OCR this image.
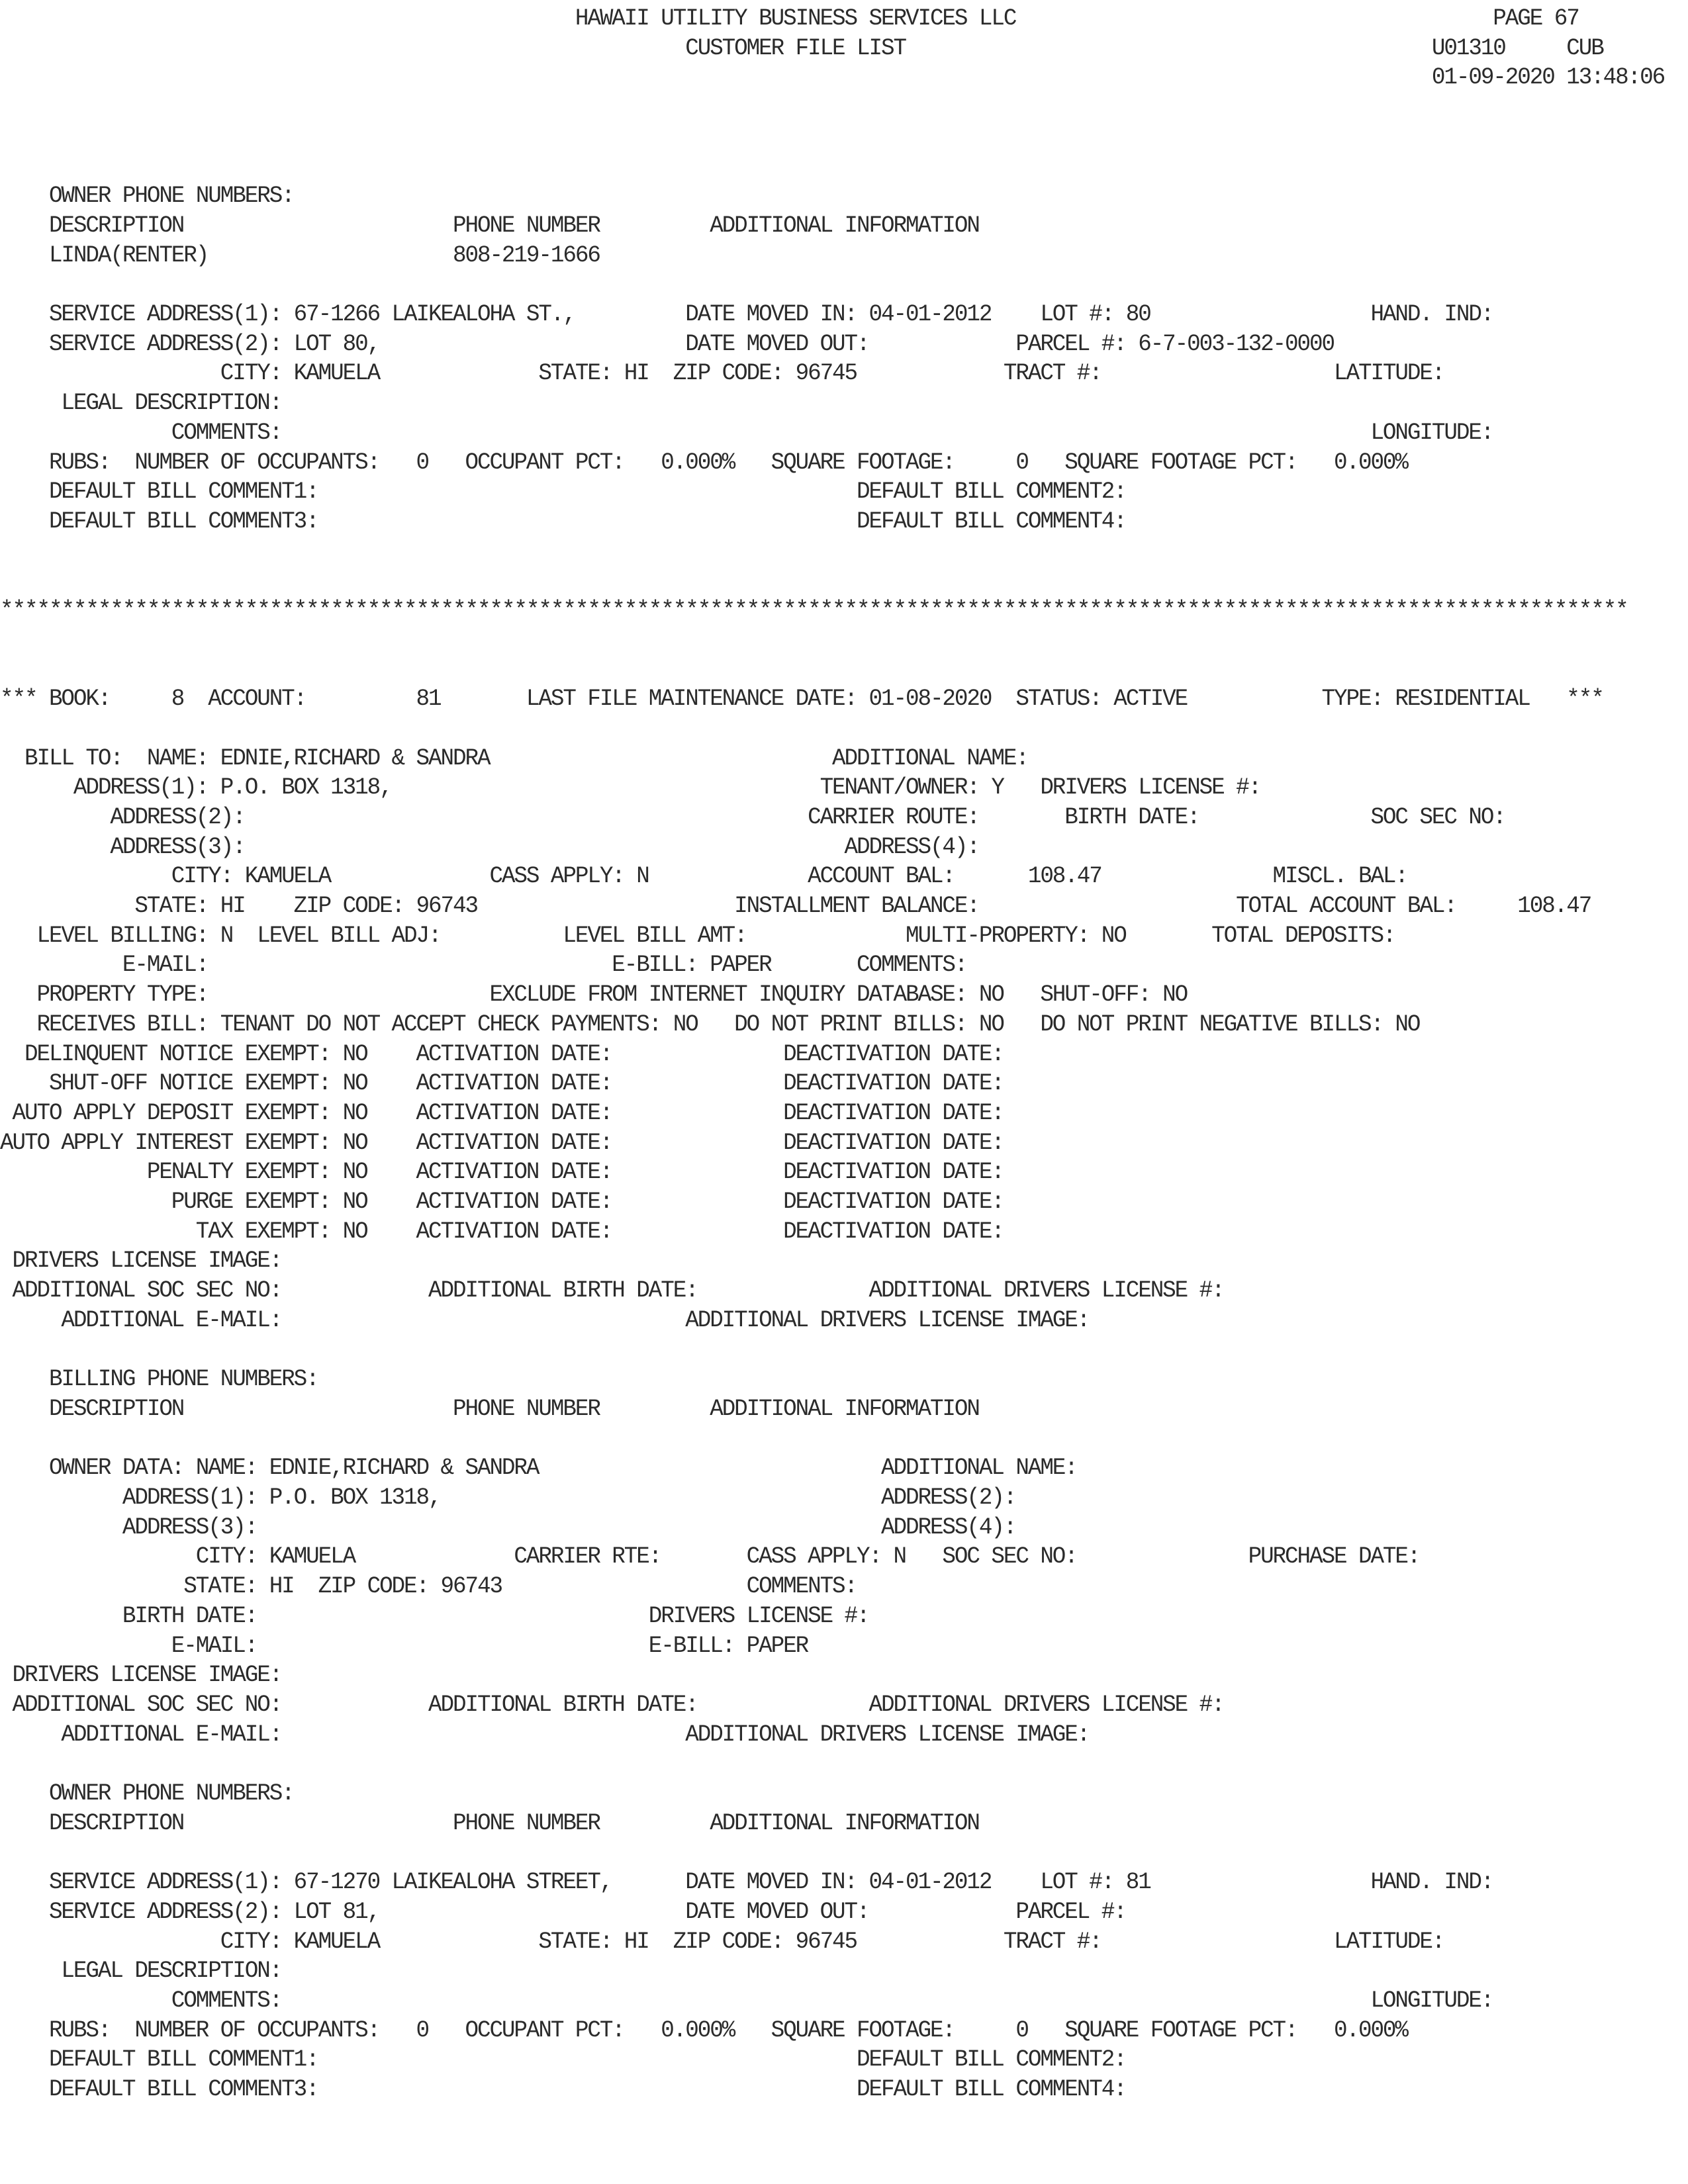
HAWAII UTILITY BUSINESS SERVICES LLC                                       PAGE 67
CUSTOMER FILE LIST                                           U01310     CUB
01-09-2020 13:48:06
OWNER PHONE NUMBERS:
DESCRIPTION                      PHONE NUMBER         ADDITIONAL INFORMATION
LINDA(RENTER)                    808-219-1666
SERVICE ADDRESS(1): 67-1266 LAIKEALOHA ST.,         DATE MOVED IN: 04-01-2012    LOT #: 80                  HAND. IND:
SERVICE ADDRESS(2): LOT 80,                         DATE MOVED OUT:            PARCEL #: 6-7-003-132-0000
CITY: KAMUELA             STATE: HI  ZIP CODE: 96745            TRACT #:                   LATITUDE:
LEGAL DESCRIPTION:
COMMENTS:                                                                                         LONGITUDE:
RUBS:  NUMBER OF OCCUPANTS:   0   OCCUPANT PCT:   0.000%   SQUARE FOOTAGE:     0   SQUARE FOOTAGE PCT:   0.000%
DEFAULT BILL COMMENT1:                                            DEFAULT BILL COMMENT2:
DEFAULT BILL COMMENT3:                                            DEFAULT BILL COMMENT4:
*************************************************************************************************************************************
*** BOOK:     8  ACCOUNT:         81       LAST FILE MAINTENANCE DATE: 01-08-2020  STATUS: ACTIVE           TYPE: RESIDENTIAL   ***
BILL TO:  NAME: EDNIE,RICHARD & SANDRA                            ADDITIONAL NAME:
ADDRESS(1): P.O. BOX 1318,                                   TENANT/OWNER: Y   DRIVERS LICENSE #:
ADDRESS(2):                                              CARRIER ROUTE:       BIRTH DATE:              SOC SEC NO:
ADDRESS(3):                                                 ADDRESS(4):
CITY: KAMUELA             CASS APPLY: N             ACCOUNT BAL:      108.47              MISCL. BAL:
STATE: HI    ZIP CODE: 96743                     INSTALLMENT BALANCE:                     TOTAL ACCOUNT BAL:     108.47
LEVEL BILLING: N  LEVEL BILL ADJ:          LEVEL BILL AMT:             MULTI-PROPERTY: NO       TOTAL DEPOSITS:
E-MAIL:                                 E-BILL: PAPER       COMMENTS:
PROPERTY TYPE:                       EXCLUDE FROM INTERNET INQUIRY DATABASE: NO   SHUT-OFF: NO
RECEIVES BILL: TENANT DO NOT ACCEPT CHECK PAYMENTS: NO   DO NOT PRINT BILLS: NO   DO NOT PRINT NEGATIVE BILLS: NO
DELINQUENT NOTICE EXEMPT: NO    ACTIVATION DATE:              DEACTIVATION DATE:
SHUT-OFF NOTICE EXEMPT: NO    ACTIVATION DATE:              DEACTIVATION DATE:
AUTO APPLY DEPOSIT EXEMPT: NO    ACTIVATION DATE:              DEACTIVATION DATE:
AUTO APPLY INTEREST EXEMPT: NO    ACTIVATION DATE:              DEACTIVATION DATE:
PENALTY EXEMPT: NO    ACTIVATION DATE:              DEACTIVATION DATE:
PURGE EXEMPT: NO    ACTIVATION DATE:              DEACTIVATION DATE:
TAX EXEMPT: NO    ACTIVATION DATE:              DEACTIVATION DATE:
DRIVERS LICENSE IMAGE:
ADDITIONAL SOC SEC NO:            ADDITIONAL BIRTH DATE:              ADDITIONAL DRIVERS LICENSE #:
ADDITIONAL E-MAIL:                                 ADDITIONAL DRIVERS LICENSE IMAGE:
BILLING PHONE NUMBERS:
DESCRIPTION                      PHONE NUMBER         ADDITIONAL INFORMATION
OWNER DATA: NAME: EDNIE,RICHARD & SANDRA                            ADDITIONAL NAME:
ADDRESS(1): P.O. BOX 1318,                                    ADDRESS(2):
ADDRESS(3):                                                   ADDRESS(4):
CITY: KAMUELA             CARRIER RTE:       CASS APPLY: N   SOC SEC NO:              PURCHASE DATE:
STATE: HI  ZIP CODE: 96743                    COMMENTS:
BIRTH DATE:                                DRIVERS LICENSE #:
E-MAIL:                                E-BILL: PAPER
DRIVERS LICENSE IMAGE:
ADDITIONAL SOC SEC NO:            ADDITIONAL BIRTH DATE:              ADDITIONAL DRIVERS LICENSE #:
ADDITIONAL E-MAIL:                                 ADDITIONAL DRIVERS LICENSE IMAGE:
OWNER PHONE NUMBERS:
DESCRIPTION                      PHONE NUMBER         ADDITIONAL INFORMATION
SERVICE ADDRESS(1): 67-1270 LAIKEALOHA STREET,      DATE MOVED IN: 04-01-2012    LOT #: 81                  HAND. IND:
SERVICE ADDRESS(2): LOT 81,                         DATE MOVED OUT:            PARCEL #:
CITY: KAMUELA             STATE: HI  ZIP CODE: 96745            TRACT #:                   LATITUDE:
LEGAL DESCRIPTION:
COMMENTS:                                                                                         LONGITUDE:
RUBS:  NUMBER OF OCCUPANTS:   0   OCCUPANT PCT:   0.000%   SQUARE FOOTAGE:     0   SQUARE FOOTAGE PCT:   0.000%
DEFAULT BILL COMMENT1:                                            DEFAULT BILL COMMENT2:
DEFAULT BILL COMMENT3:                                            DEFAULT BILL COMMENT4:
